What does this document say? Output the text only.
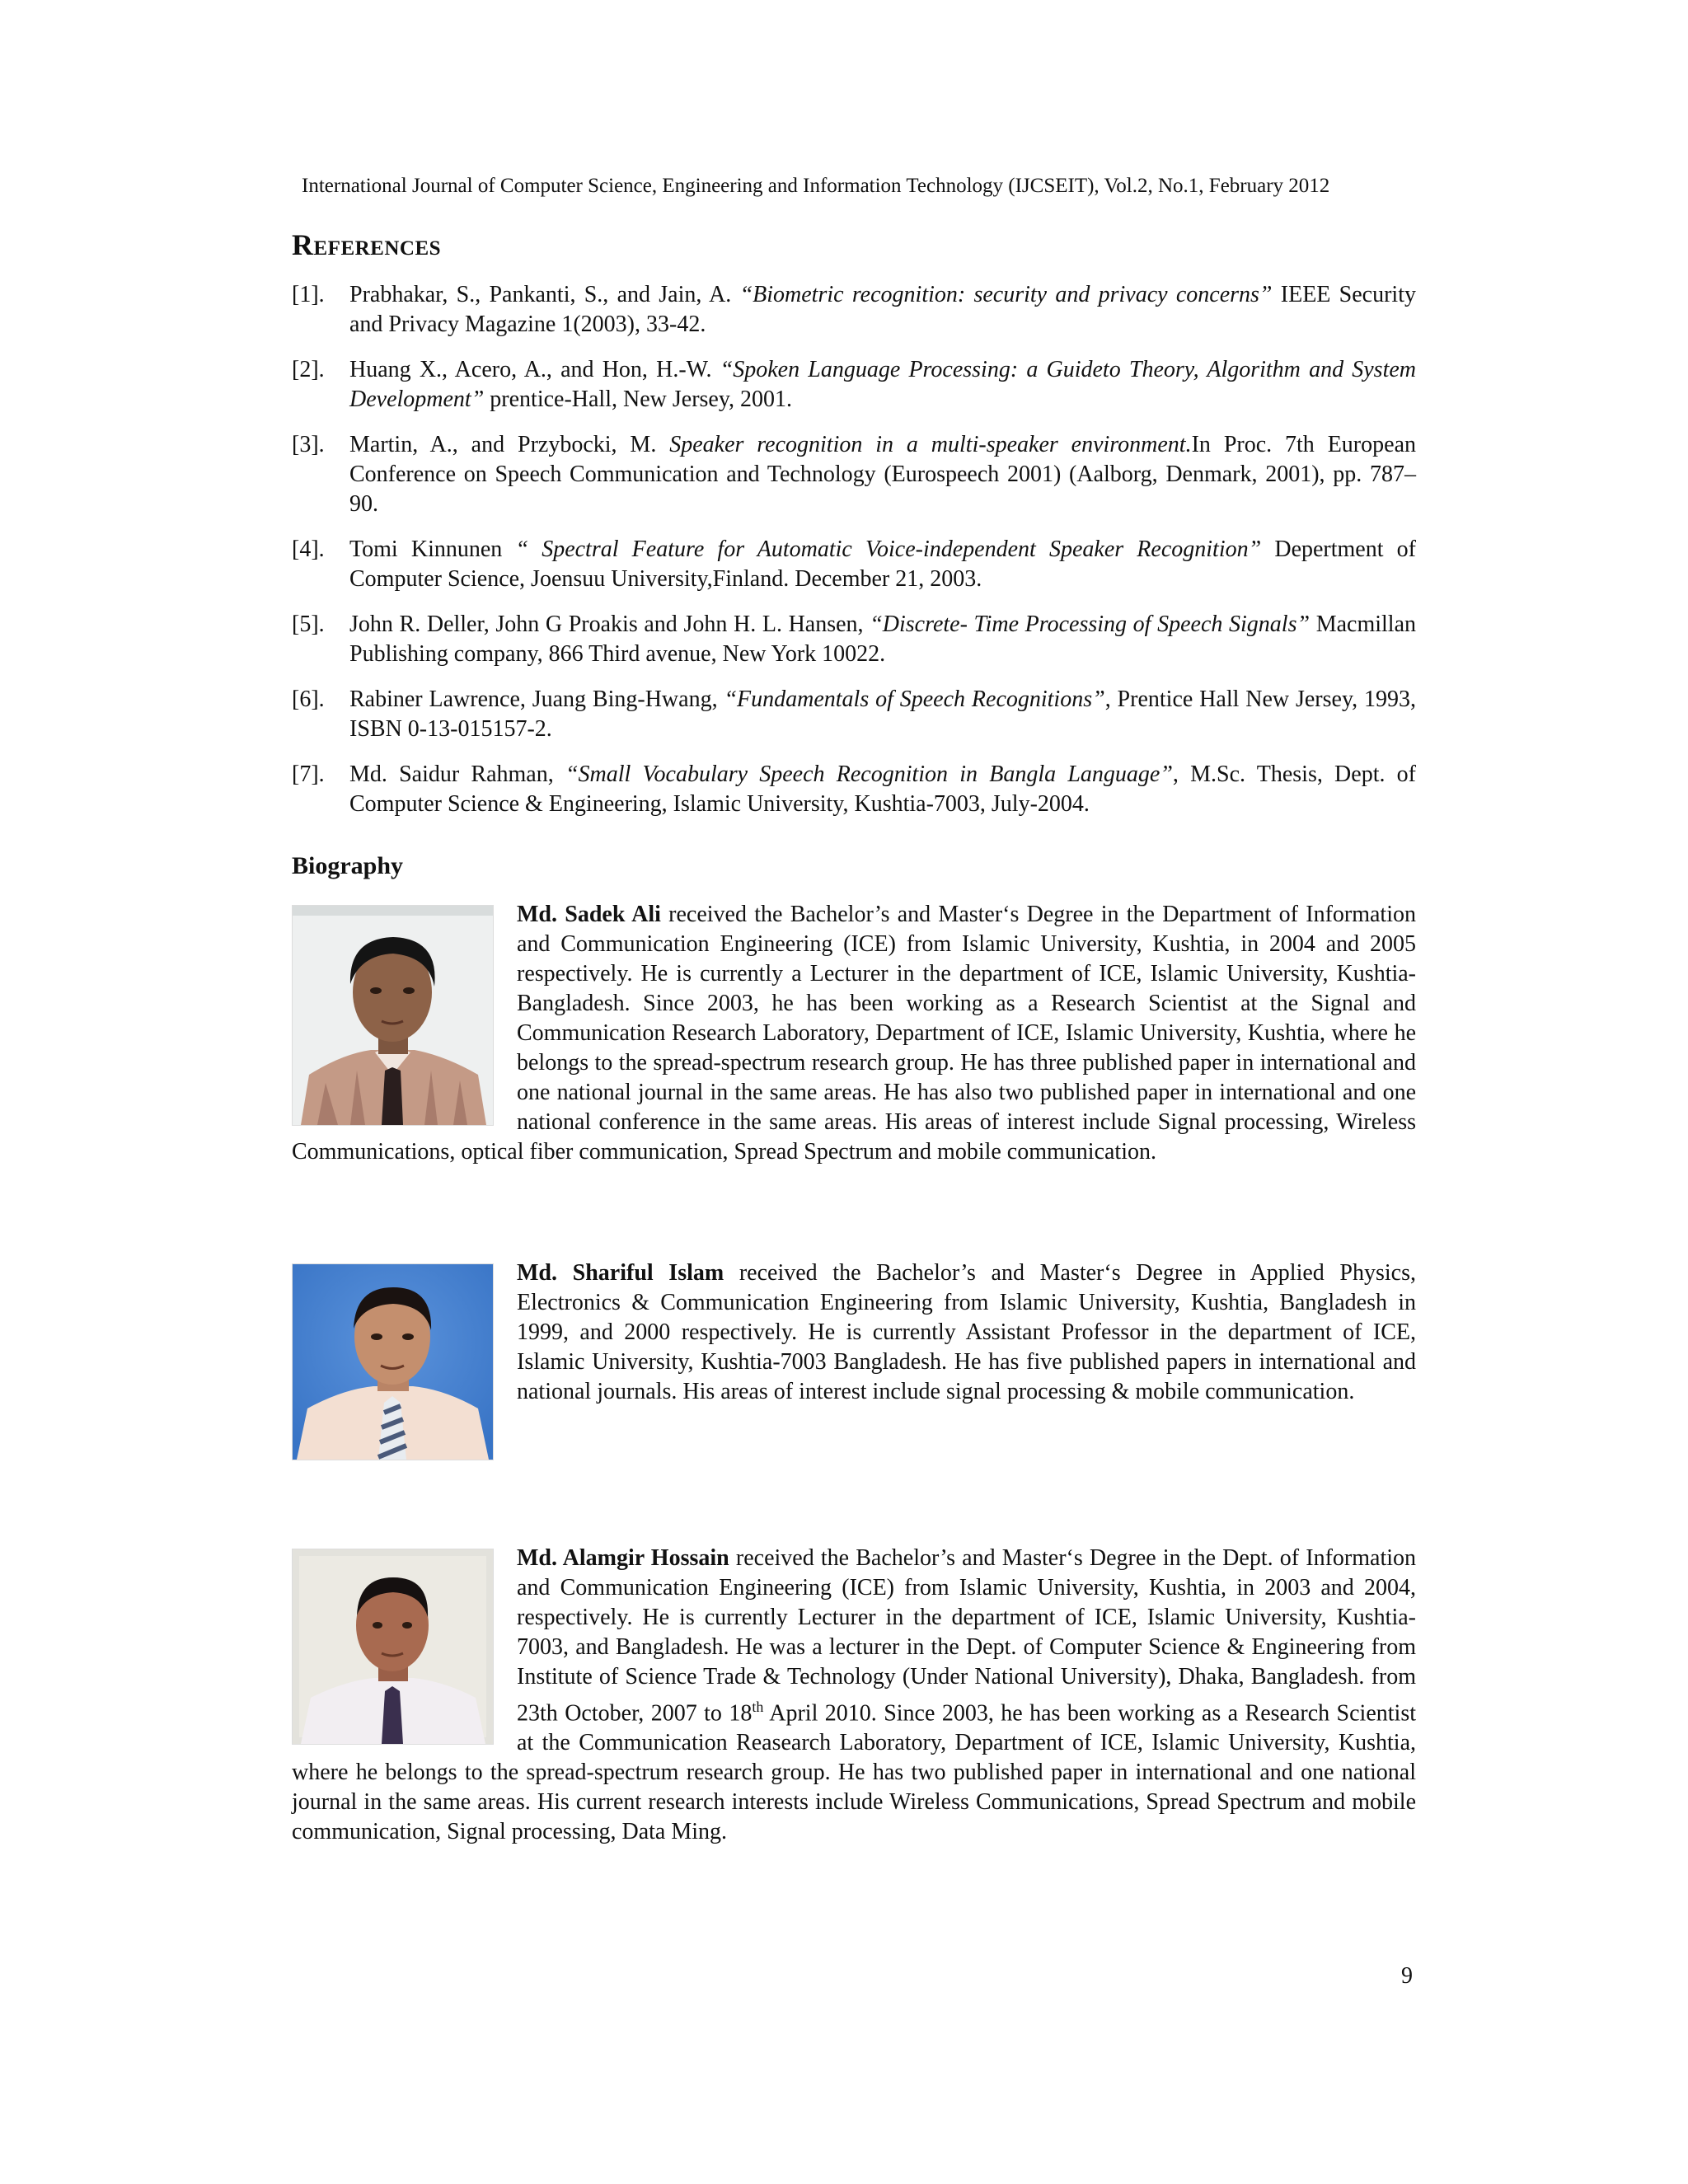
International Journal of Computer Science, Engineering and Information Technology (IJCSEIT), Vol.2, No.1, February 2012
References
[1]. Prabhakar, S., Pankanti, S., and Jain, A. “Biometric recognition: security and privacy concerns” IEEE Security and Privacy Magazine 1(2003), 33-42.
[2]. Huang X., Acero, A., and Hon, H.-W. “Spoken Language Processing: a Guideto Theory, Algorithm and System Development” prentice-Hall, New Jersey, 2001.
[3]. Martin, A., and Przybocki, M. Speaker recognition in a multi-speaker environment.In Proc. 7th European Conference on Speech Communication and Technology (Eurospeech 2001) (Aalborg, Denmark, 2001), pp. 787–90.
[4]. Tomi Kinnunen “ Spectral Feature for Automatic Voice-independent Speaker Recognition” Depertment of Computer Science, Joensuu University,Finland. December 21, 2003.
[5]. John R. Deller, John G Proakis and John H. L. Hansen, “Discrete- Time Processing of Speech Signals” Macmillan Publishing company, 866 Third avenue, New York 10022.
[6]. Rabiner Lawrence, Juang Bing-Hwang, “Fundamentals of Speech Recognitions”, Prentice Hall New Jersey, 1993, ISBN 0-13-015157-2.
[7]. Md. Saidur Rahman, “Small Vocabulary Speech Recognition in Bangla Language”, M.Sc. Thesis, Dept. of Computer Science & Engineering, Islamic University, Kushtia-7003, July-2004.
Biography
Md. Sadek Ali received the Bachelor’s and Master‘s Degree in the Department of Information and Communication Engineering (ICE) from Islamic University, Kushtia, in 2004 and 2005 respectively. He is currently a Lecturer in the department of ICE, Islamic University, Kushtia-Bangladesh. Since 2003, he has been working as a Research Scientist at the Signal and Communication Research Laboratory, Department of ICE, Islamic University, Kushtia, where he belongs to the spread-spectrum research group. He has three published paper in international and one national journal in the same areas. He has also two published paper in international and one national conference in the same areas. His areas of interest include Signal processing, Wireless Communications, optical fiber communication, Spread Spectrum and mobile communication.
Md. Shariful Islam received the Bachelor’s and Master‘s Degree in Applied Physics, Electronics & Communication Engineering from Islamic University, Kushtia, Bangladesh in 1999, and 2000 respectively. He is currently Assistant Professor in the department of ICE, Islamic University, Kushtia-7003 Bangladesh. He has five published papers in international and national journals. His areas of interest include signal processing & mobile communication.
Md. Alamgir Hossain received the Bachelor’s and Master‘s Degree in the Dept. of Information and Communication Engineering (ICE) from Islamic University, Kushtia, in 2003 and 2004, respectively. He is currently Lecturer in the department of ICE, Islamic University, Kushtia-7003, and Bangladesh. He was a lecturer in the Dept. of Computer Science & Engineering from Institute of Science Trade & Technology (Under National University), Dhaka, Bangladesh. from 23th October, 2007 to 18th April 2010. Since 2003, he has been working as a Research Scientist at the Communication Reasearch Laboratory, Department of ICE, Islamic University, Kushtia, where he belongs to the spread-spectrum research group. He has two published paper in international and one national journal in the same areas. His current research interests include Wireless Communications, Spread Spectrum and mobile communication, Signal processing, Data Ming.
9
